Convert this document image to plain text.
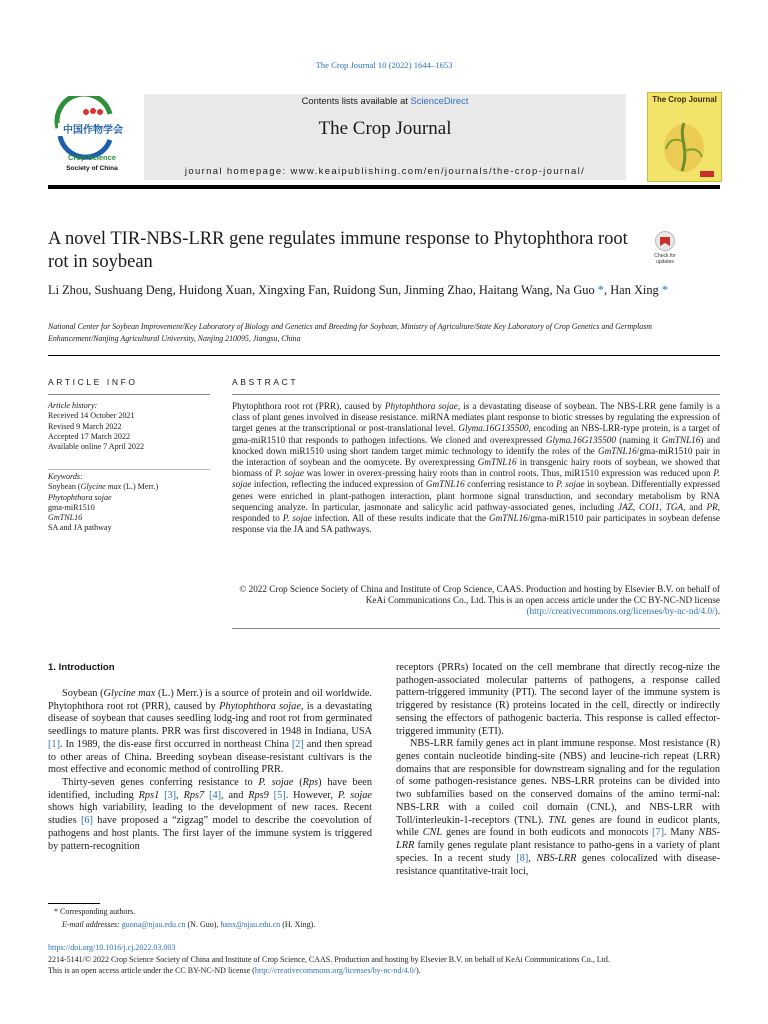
The Crop Journal 10 (2022) 1644–1653
中国作物学会
Crop Science
Society of China
Contents lists available at ScienceDirect
The Crop Journal
journal homepage: www.keaipublishing.com/en/journals/the-crop-journal/
The Crop Journal
A novel TIR-NBS-LRR gene regulates immune response to Phytophthora root rot in soybean	Check for
updates
Li Zhou, Sushuang Deng, Huidong Xuan, Xingxing Fan, Ruidong Sun, Jinming Zhao, Haitang Wang, Na Guo *, Han Xing *
National Center for Soybean Improvement/Key Laboratory of Biology and Genetics and Breeding for Soybean, Ministry of Agriculture/State Key Laboratory of Crop Genetics and Germplasm Enhancement/Nanjing Agricultural University, Nanjing 210095, Jiangsu, China
ARTICLE INFO	ABSTRACT
Article history:
Received 14 October 2021
Revised 9 March 2022
Accepted 17 March 2022
Available online 7 April 2022
Keywords:
Soybean (Glycine max (L.) Merr.)
Phytophthora sojae
gma-miR1510
GmTNL16
SA and JA pathway
Phytophthora root rot (PRR), caused by Phytophthora sojae, is a devastating disease of soybean. The NBS-LRR gene family is a class of plant genes involved in disease resistance. miRNA mediates plant response to biotic stresses by regulating the expression of target genes at the transcriptional or post-translational level. Glyma.16G135500, encoding an NBS-LRR-type protein, is a target of gma-miR1510 that responds to pathogen infections. We cloned and overexpressed Glyma.16G135500 (naming it GmTNL16) and knocked down miR1510 using short tandem target mimic technology to identify the roles of the GmTNL16/gma-miR1510 pair in the interaction of soybean and the oomycete. By overexpressing GmTNL16 in transgenic hairy roots of soybean, we showed that biomass of P. sojae was lower in overex-pressing hairy roots than in control roots. Thus, miR1510 expression was reduced upon P. sojae infection, reflecting the induced expression of GmTNL16 conferring resistance to P. sojae in soybean. Differentially expressed genes were enriched in plant-pathogen interaction, plant hormone signal transduction, and secondary metabolism by RNA sequencing analyze. In particular, jasmonate and salicylic acid pathway-associated genes, including JAZ, COI1, TGA, and PR, responded to P. sojae infection. All of these results indicate that the GmTNL16/gma-miR1510 pair participates in soybean defense response via the JA and SA pathways.
© 2022 Crop Science Society of China and Institute of Crop Science, CAAS. Production and hosting by Elsevier B.V. on behalf of KeAi Communications Co., Ltd. This is an open access article under the CC BY-NC-ND license (http://creativecommons.org/licenses/by-nc-nd/4.0/).
1. Introduction

Soybean (Glycine max (L.) Merr.) is a source of protein and oil worldwide. Phytophthora root rot (PRR), caused by Phytophthora sojae, is a devastating disease of soybean that causes seedling lodg-ing and root rot from germinated seedlings to mature plants. PRR was first discovered in 1948 in Indiana, USA [1]. In 1989, the dis-ease first occurred in northeast China [2] and then spread to other areas of China. Breeding soybean disease-resistant cultivars is the most effective and economic method of controlling PRR.

Thirty-seven genes conferring resistance to P. sojae (Rps) have been identified, including Rps1 [3], Rps7 [4], and Rps9 [5]. However, P. sojae shows high variability, leading to the development of new races. Recent studies [6] have proposed a “zigzag” model to describe the coevolution of pathogens and host plants. The first layer of the immune system is triggered by pattern-recognition

receptors (PRRs) located on the cell membrane that directly recog-nize the pathogen-associated molecular patterns of pathogens, a response called pattern-triggered immunity (PTI). The second layer of the immune system is triggered by resistance (R) proteins located in the cell, directly or indirectly sensing the effectors of pathogenic bacteria. This response is called effector-triggered immunity (ETI).

NBS-LRR family genes act in plant immune response. Most resistance (R) genes contain nucleotide binding-site (NBS) and leucine-rich repeat (LRR) domains that are responsible for downstream signaling and for the regulation of some pathogen-resistance genes. NBS-LRR proteins can be divided into two subfamilies based on the conserved domains of the amino termi-nal: NBS-LRR with a coiled coil domain (CNL), and NBS-LRR with Toll/interleukin-1-receptors (TNL). TNL genes are found in eudicot plants, while CNL genes are found in both eudicots and monocots [7]. Many NBS-LRR family genes regulate plant resistance to patho-gens in a variety of plant species. In a recent study [8], NBS-LRR genes colocalized with disease-resistance quantitative-trait loci,

* Corresponding authors.
E-mail addresses: guona@njau.edu.cn (N. Guo), hanx@njau.edu.cn (H. Xing).
https://doi.org/10.1016/j.cj.2022.03.003
2214-5141/© 2022 Crop Science Society of China and Institute of Crop Science, CAAS. Production and hosting by Elsevier B.V. on behalf of KeAi Communications Co., Ltd.
This is an open access article under the CC BY-NC-ND license (http://creativecommons.org/licenses/by-nc-nd/4.0/).
